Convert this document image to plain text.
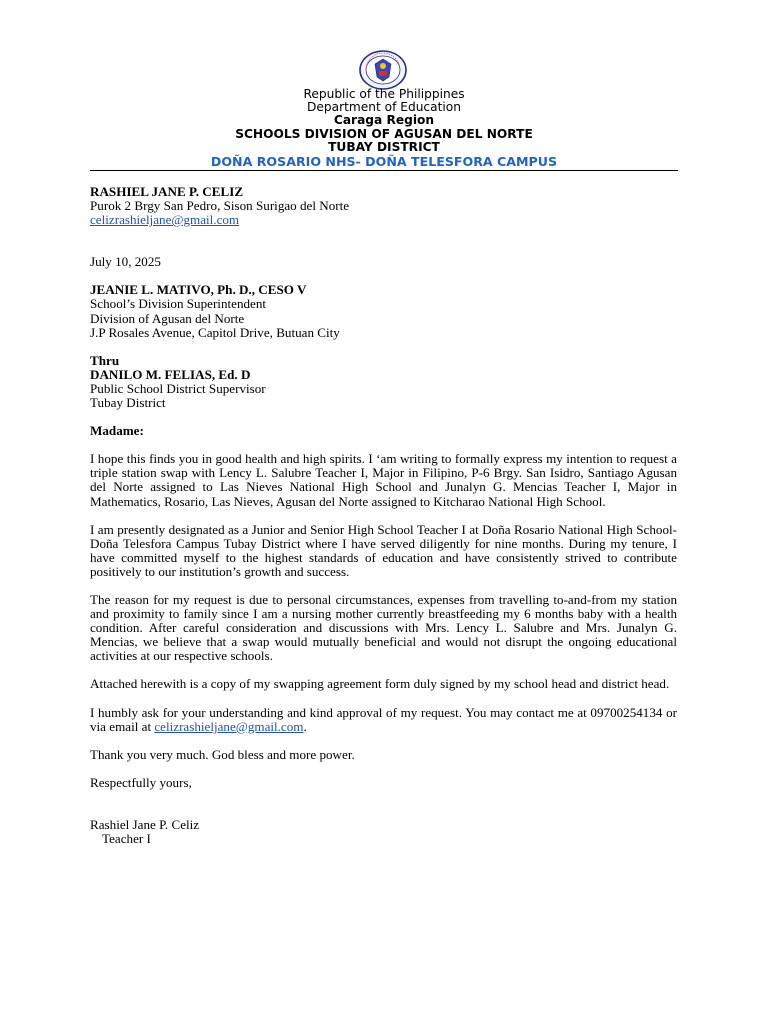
Republic of the Philippines
Department of Education
Caraga Region
SCHOOLS DIVISION OF AGUSAN DEL NORTE
TUBAY DISTRICT
DOÑA ROSARIO NHS- DOÑA TELESFORA CAMPUS

RASHIEL JANE P. CELIZ

Purok 2 Brgy San Pedro, Sison Surigao del Norte

celizrashieljane@gmail.com

July 10, 2025

JEANIE L. MATIVO, Ph. D., CESO V

School’s Division Superintendent

Division of Agusan del Norte

J.P Rosales Avenue, Capitol Drive, Butuan City

Thru

DANILO M. FELIAS, Ed. D

Public School District Supervisor

Tubay District

Madame:

I hope this finds you in good health and high spirits. I ‘am writing to formally express my intention to request a triple station swap with Lency L. Salubre Teacher I, Major in Filipino, P-6 Brgy. San Isidro, Santiago Agusan del Norte assigned to Las Nieves National High School and Junalyn G. Mencias Teacher I, Major in Mathematics, Rosario, Las Nieves, Agusan del Norte assigned to Kitcharao National High School.

I am presently designated as a Junior and Senior High School Teacher I at Doña Rosario National High School- Doña Telesfora Campus Tubay District where I have served diligently for nine months. During my tenure, I have committed myself to the highest standards of education and have consistently strived to contribute positively to our institution’s growth and success.

The reason for my request is due to personal circumstances, expenses from travelling to-and-from my station and proximity to family since I am a nursing mother currently breastfeeding my 6 months baby with a health condition. After careful consideration and discussions with Mrs. Lency L. Salubre and Mrs. Junalyn G. Mencias, we believe that a swap would mutually beneficial and would not disrupt the ongoing educational activities at our respective schools.

Attached herewith is a copy of my swapping agreement form duly signed by my school head and district head.

I humbly ask for your understanding and kind approval of my request. You may contact me at 09700254134 or via email at celizrashieljane@gmail.com.

Thank you very much. God bless and more power.

Respectfully yours,

Rashiel Jane P. Celiz

Teacher I
